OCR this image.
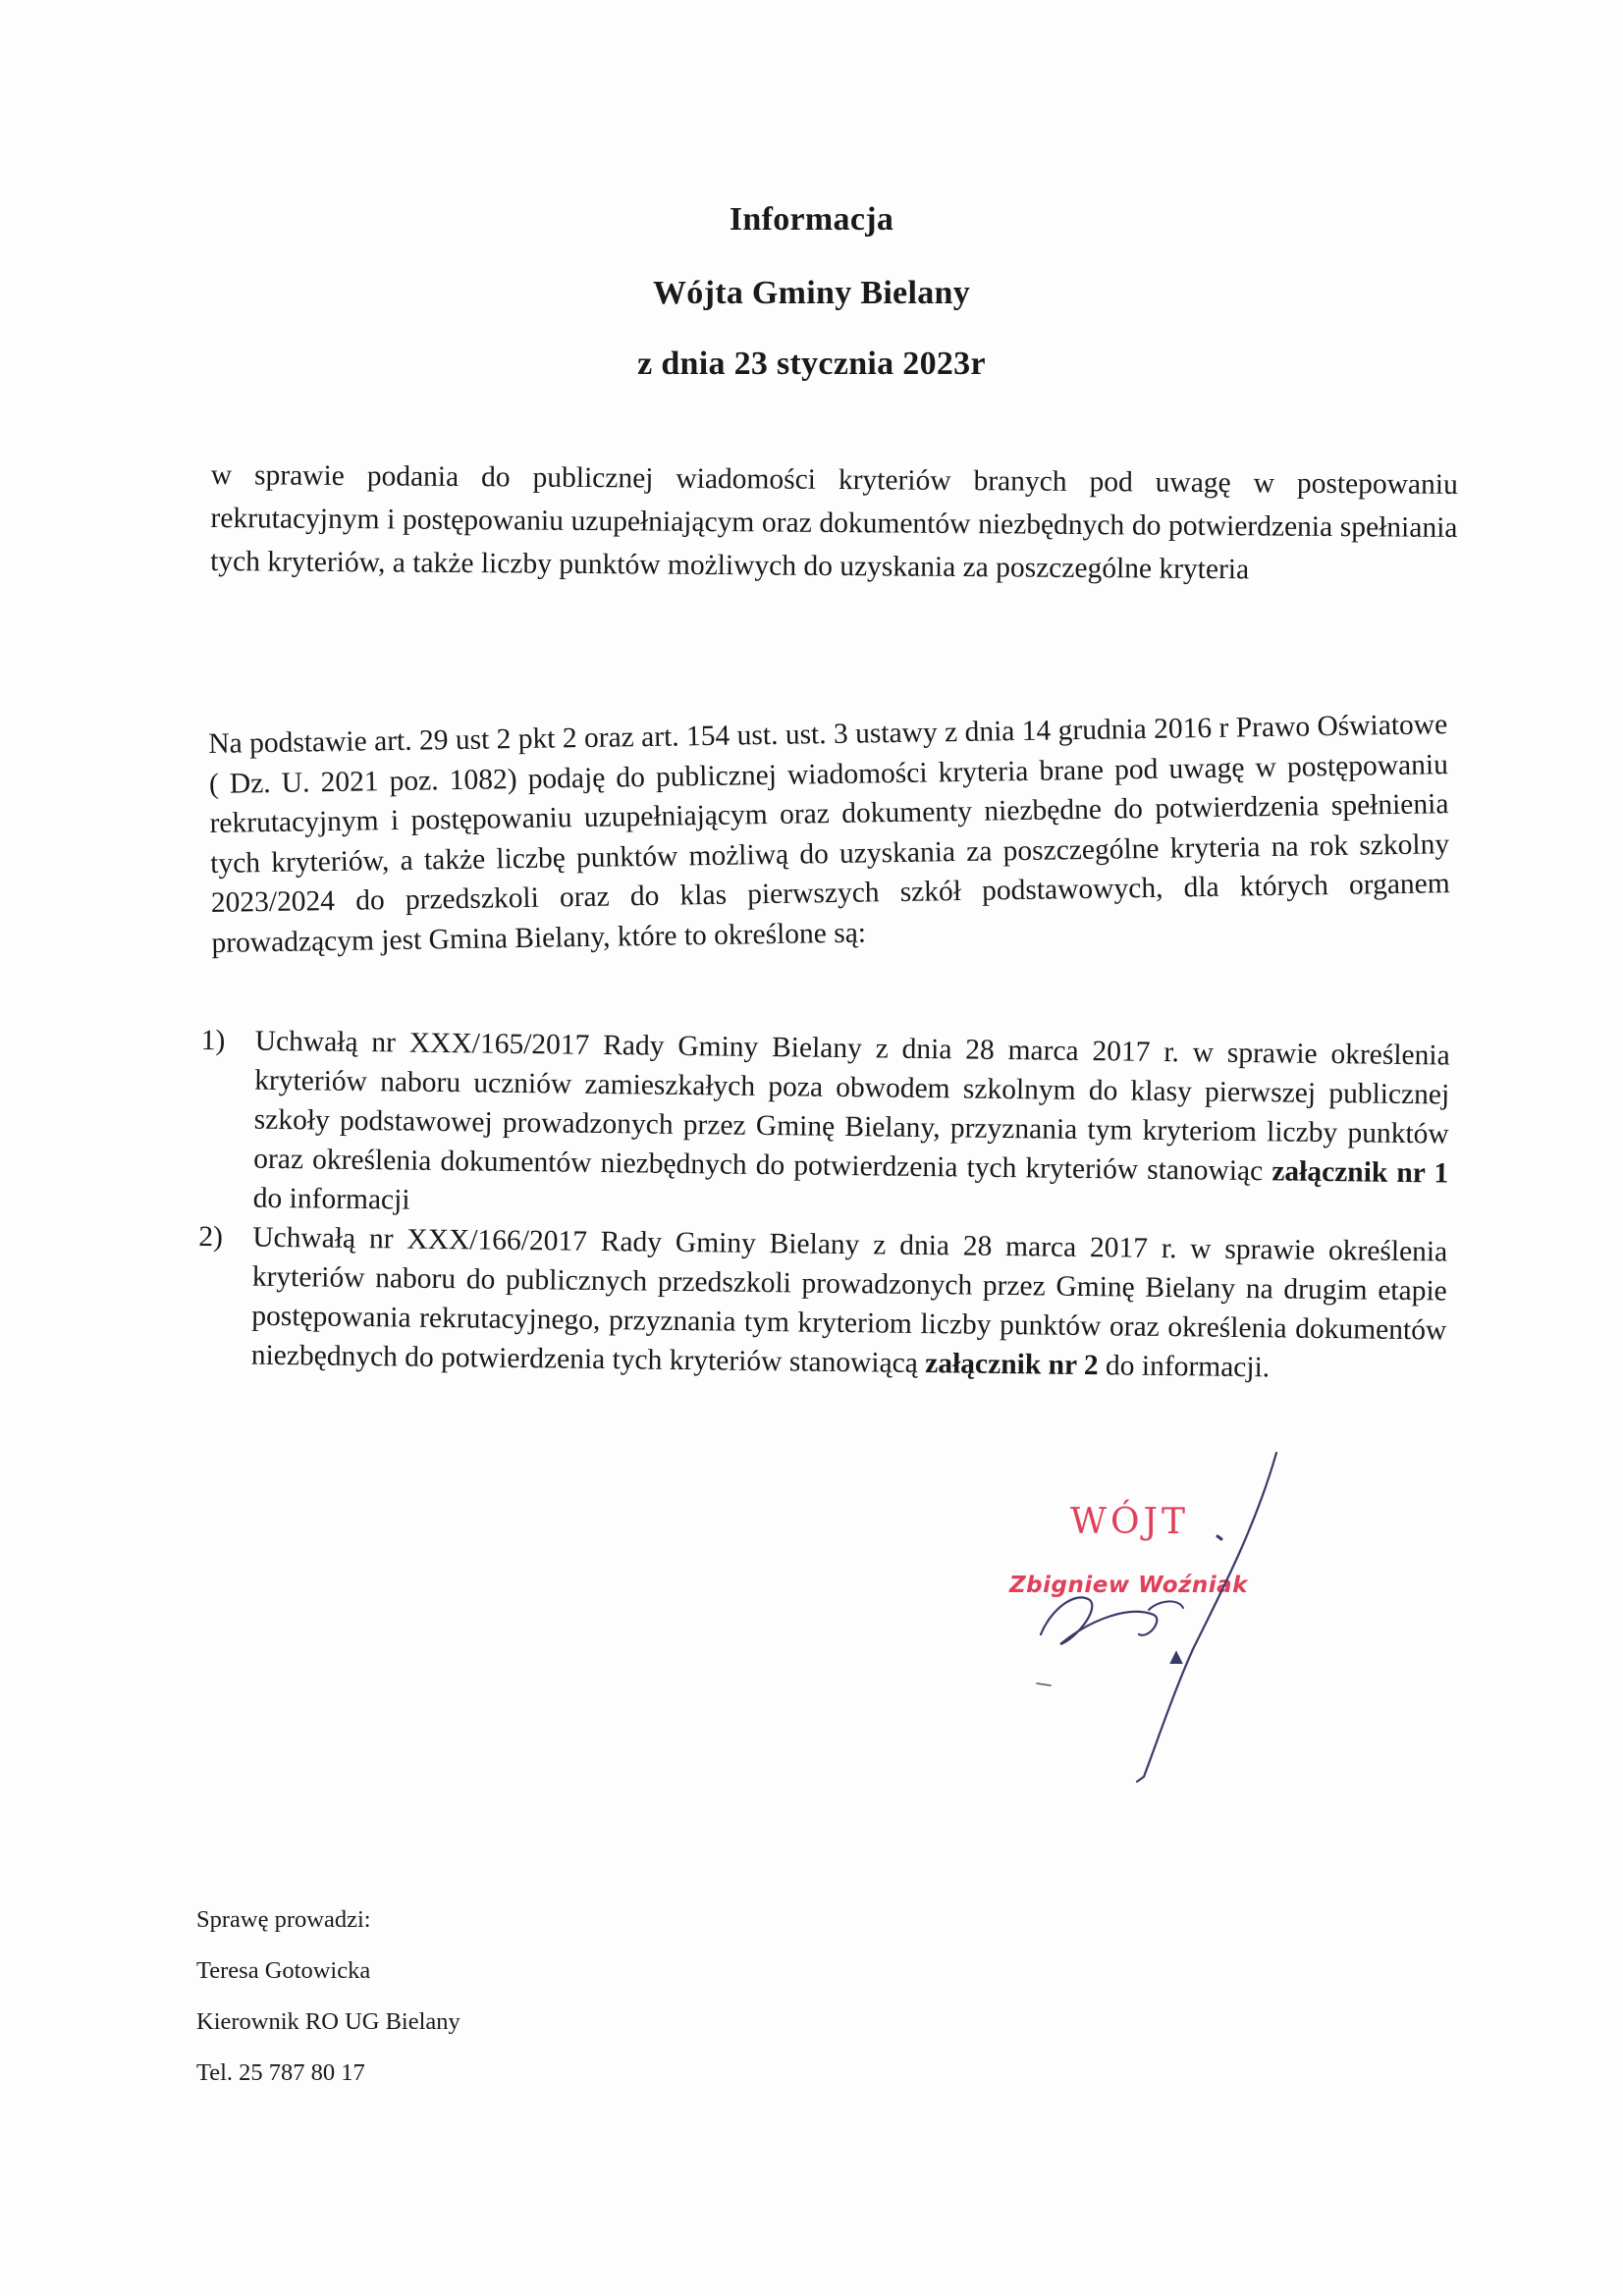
Informacja
Wójta Gminy Bielany
z dnia 23 stycznia 2023r
w sprawie podania do publicznej wiadomości kryteriów branych pod uwagę w postepowaniu rekrutacyjnym i postępowaniu uzupełniającym oraz dokumentów niezbędnych do potwierdzenia spełniania tych kryteriów, a także liczby punktów możliwych do uzyskania za poszczególne kryteria
Na podstawie art. 29 ust 2 pkt 2 oraz art. 154 ust. ust. 3 ustawy z dnia 14 grudnia 2016 r Prawo Oświatowe ( Dz. U. 2021 poz. 1082) podaję do publicznej wiadomości kryteria brane pod uwagę w postępowaniu rekrutacyjnym i postępowaniu uzupełniającym oraz dokumenty niezbędne do potwierdzenia spełnienia tych kryteriów, a także liczbę punktów możliwą do uzyskania za poszczególne kryteria na rok szkolny 2023/2024 do przedszkoli oraz do klas pierwszych szkół podstawowych, dla których organem prowadzącym jest Gmina Bielany, które to określone są:
1) Uchwałą nr XXX/165/2017 Rady Gminy Bielany z dnia 28 marca 2017 r. w sprawie określenia kryteriów naboru uczniów zamieszkałych poza obwodem szkolnym do klasy pierwszej publicznej szkoły podstawowej prowadzonych przez Gminę Bielany, przyznania tym kryteriom liczby punktów oraz określenia dokumentów niezbędnych do potwierdzenia tych kryteriów stanowiąc załącznik nr 1 do informacji
2) Uchwałą nr XXX/166/2017 Rady Gminy Bielany z dnia 28 marca 2017 r. w sprawie określenia kryteriów naboru do publicznych przedszkoli prowadzonych przez Gminę Bielany na drugim etapie postępowania rekrutacyjnego, przyznania tym kryteriom liczby punktów oraz określenia dokumentów niezbędnych do potwierdzenia tych kryteriów stanowiącą załącznik nr 2 do informacji.
WÓJT
Zbigniew Woźniak
Sprawę prowadzi:
Teresa Gotowicka
Kierownik RO UG Bielany
Tel. 25 787 80 17
